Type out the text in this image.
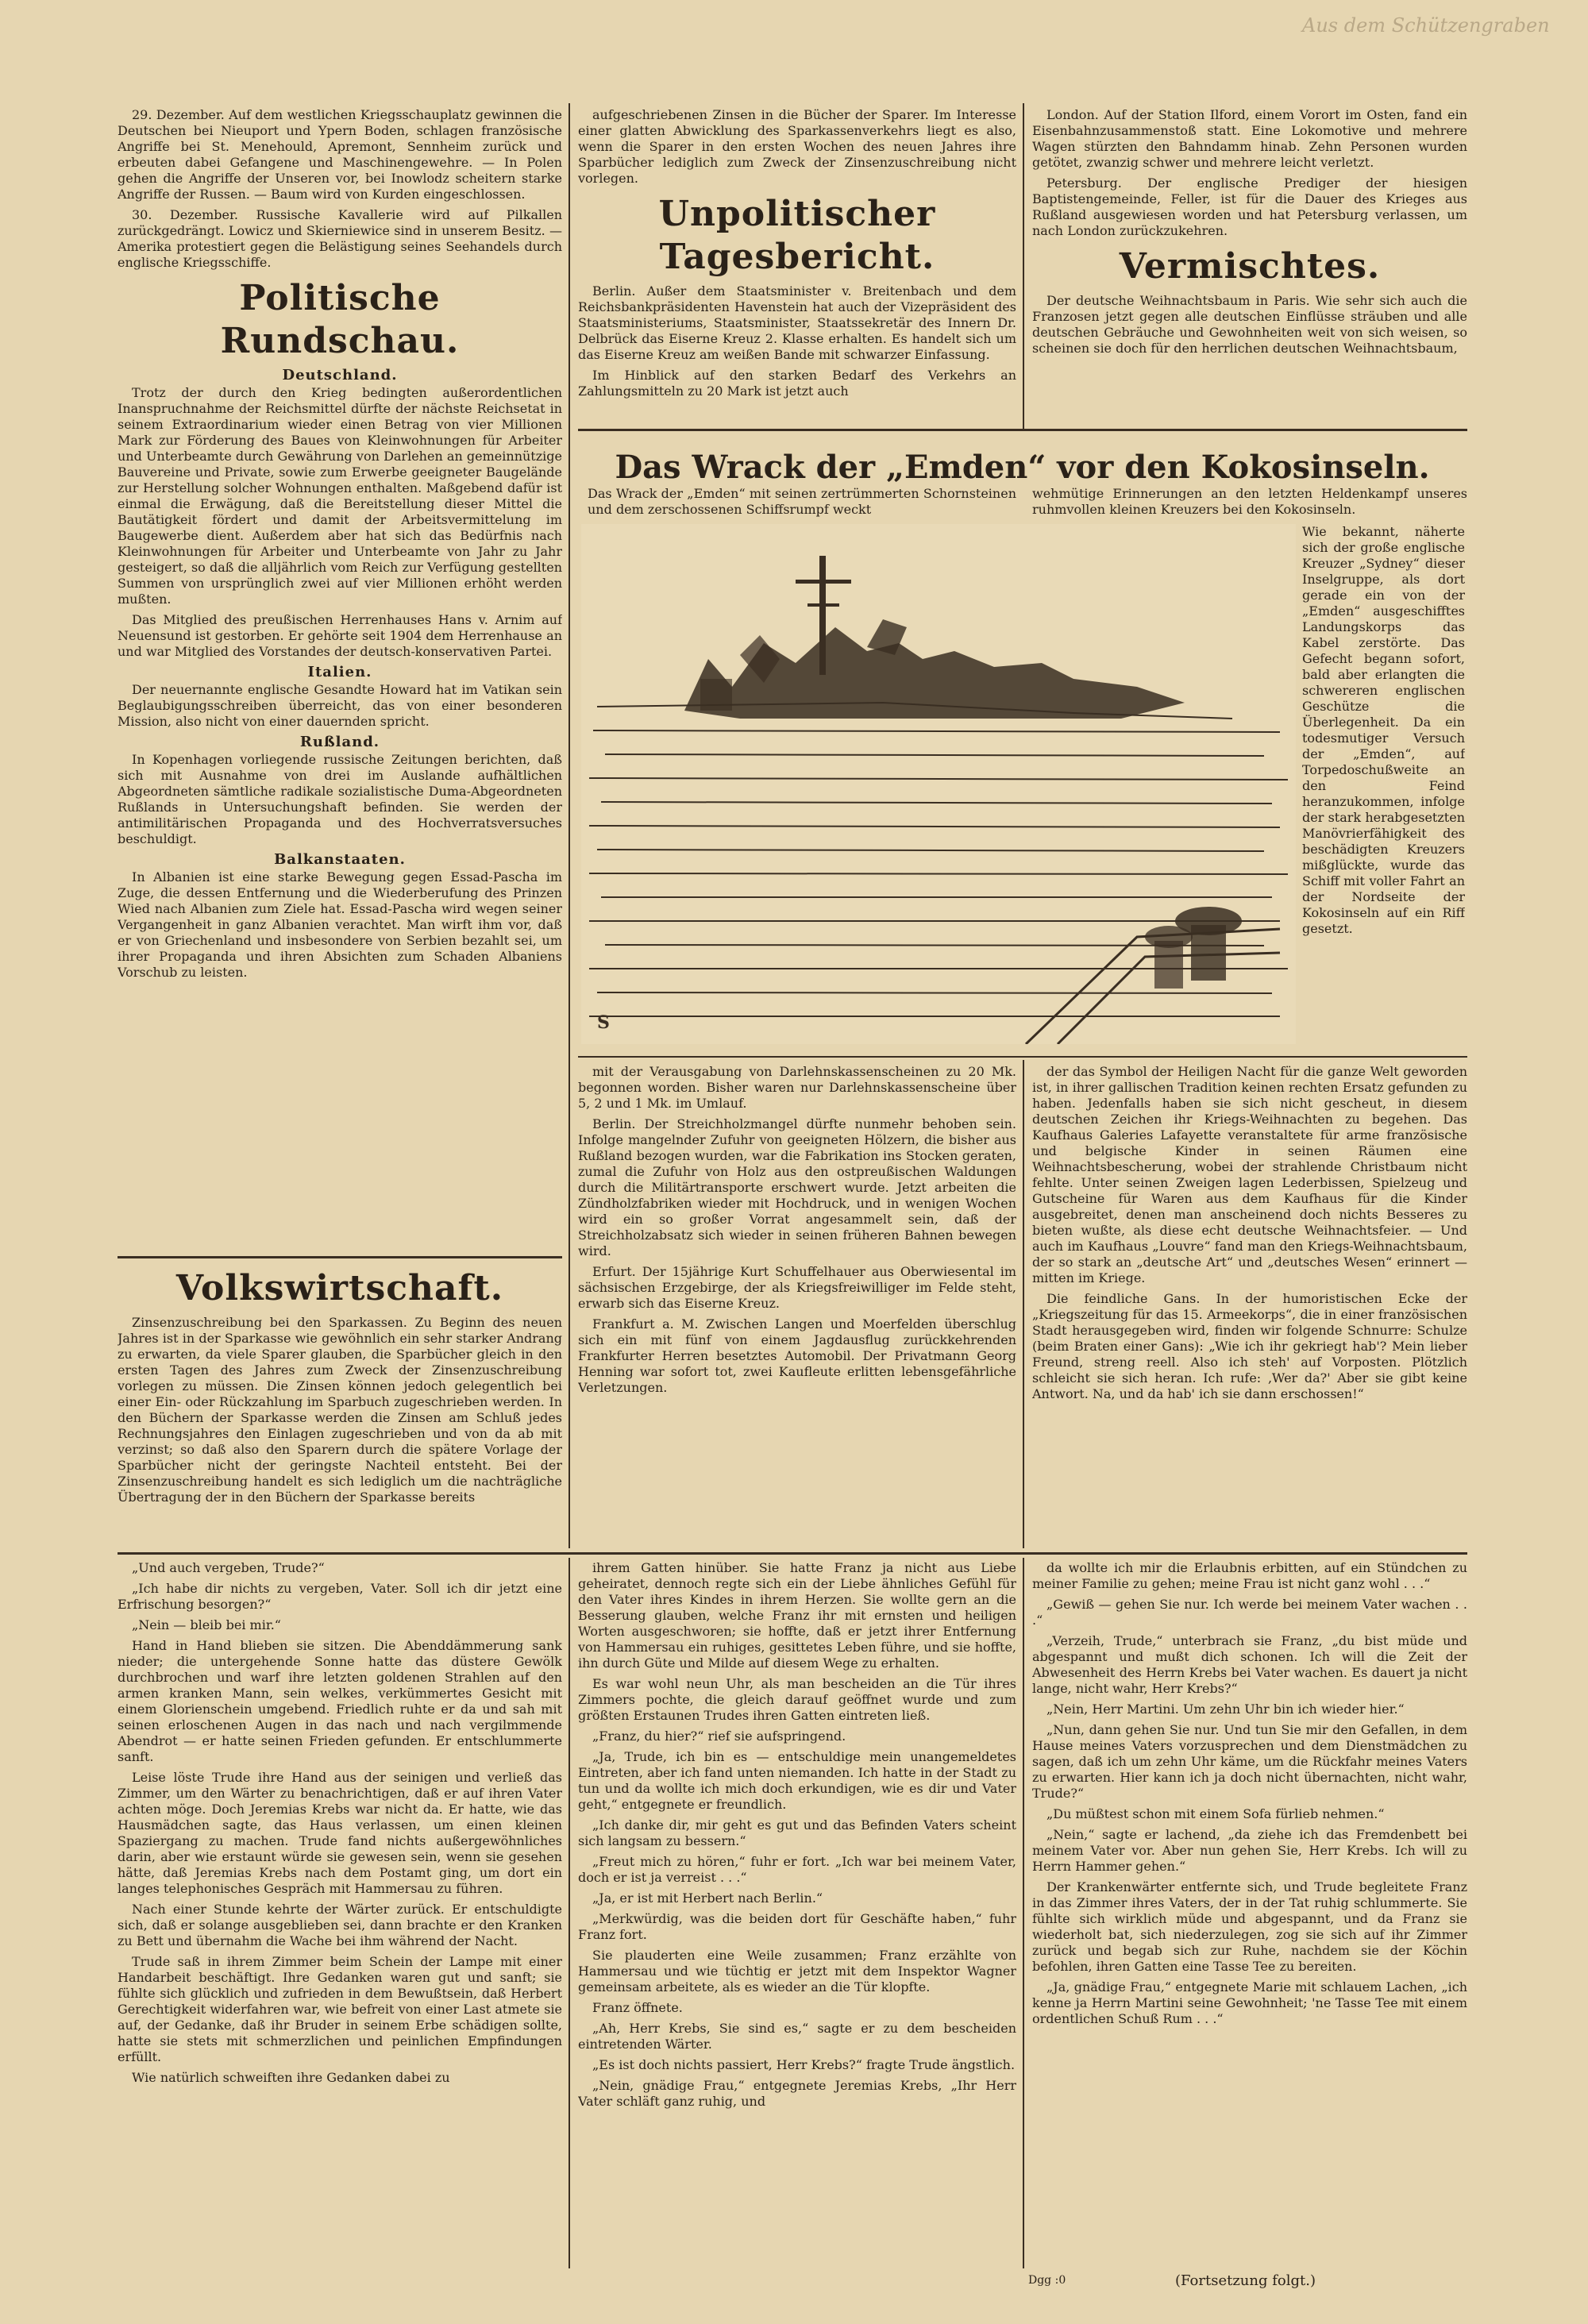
Aus dem Schützengraben

29. Dezember. Auf dem westlichen Kriegsschauplatz gewinnen die Deutschen bei Nieuport und Ypern Boden, schlagen französische Angriffe bei St. Menehould, Apremont, Sennheim zurück und erbeuten dabei Gefangene und Maschinengewehre. — In Polen gehen die Angriffe der Unseren vor, bei Inowlodz scheitern starke Angriffe der Russen. — Baum wird von Kurden eingeschlossen.

30. Dezember. Russische Kavallerie wird auf Pilkallen zurückgedrängt. Lowicz und Skierniewice sind in unserem Besitz. — Amerika protestiert gegen die Belästigung seines Seehandels durch englische Kriegsschiffe.

Politische Rundschau.
Deutschland.

Trotz der durch den Krieg bedingten außerordentlichen Inanspruchnahme der Reichsmittel dürfte der nächste Reichsetat in seinem Extraordinarium wieder einen Betrag von vier Millionen Mark zur Förderung des Baues von Kleinwohnungen für Arbeiter und Unterbeamte durch Gewährung von Darlehen an gemeinnützige Bauvereine und Private, sowie zum Erwerbe geeigneter Baugelände zur Herstellung solcher Wohnungen enthalten. Maßgebend dafür ist einmal die Erwägung, daß die Bereitstellung dieser Mittel die Bautätigkeit fördert und damit der Arbeitsvermittelung im Baugewerbe dient. Außerdem aber hat sich das Bedürfnis nach Kleinwohnungen für Arbeiter und Unterbeamte von Jahr zu Jahr gesteigert, so daß die alljährlich vom Reich zur Verfügung gestellten Summen von ursprünglich zwei auf vier Millionen erhöht werden mußten.

Das Mitglied des preußischen Herrenhauses Hans v. Arnim auf Neuensund ist gestorben. Er gehörte seit 1904 dem Herrenhause an und war Mitglied des Vorstandes der deutsch-konservativen Partei.

Italien.

Der neuernannte englische Gesandte Howard hat im Vatikan sein Beglaubigungsschreiben überreicht, das von einer besonderen Mission, also nicht von einer dauernden spricht.

Rußland.

In Kopenhagen vorliegende russische Zeitungen berichten, daß sich mit Ausnahme von drei im Auslande aufhältlichen Abgeordneten sämtliche radikale sozialistische Duma-Abgeordneten Rußlands in Untersuchungshaft befinden. Sie werden der antimilitärischen Propaganda und des Hochverratsversuches beschuldigt.

Balkanstaaten.

In Albanien ist eine starke Bewegung gegen Essad-Pascha im Zuge, die dessen Entfernung und die Wiederberufung des Prinzen Wied nach Albanien zum Ziele hat. Essad-Pascha wird wegen seiner Vergangenheit in ganz Albanien verachtet. Man wirft ihm vor, daß er von Griechenland und insbesondere von Serbien bezahlt sei, um ihrer Propaganda und ihren Absichten zum Schaden Albaniens Vorschub zu leisten.

Volkswirtschaft.

Zinsenzuschreibung bei den Sparkassen. Zu Beginn des neuen Jahres ist in der Sparkasse wie gewöhnlich ein sehr starker Andrang zu erwarten, da viele Sparer glauben, die Sparbücher gleich in den ersten Tagen des Jahres zum Zweck der Zinsenzuschreibung vorlegen zu müssen. Die Zinsen können jedoch gelegentlich bei einer Ein- oder Rückzahlung im Sparbuch zugeschrieben werden. In den Büchern der Sparkasse werden die Zinsen am Schluß jedes Rechnungsjahres den Einlagen zugeschrieben und von da ab mit verzinst; so daß also den Sparern durch die spätere Vorlage der Sparbücher nicht der geringste Nachteil entsteht. Bei der Zinsenzuschreibung handelt es sich lediglich um die nachträgliche Übertragung der in den Büchern der Sparkasse bereits

aufgeschriebenen Zinsen in die Bücher der Sparer. Im Interesse einer glatten Abwicklung des Sparkassenverkehrs liegt es also, wenn die Sparer in den ersten Wochen des neuen Jahres ihre Sparbücher lediglich zum Zweck der Zinsenzuschreibung nicht vorlegen.

Unpolitischer Tagesbericht.

Berlin. Außer dem Staatsminister v. Breitenbach und dem Reichsbankpräsidenten Havenstein hat auch der Vizepräsident des Staatsministeriums, Staatsminister, Staatssekretär des Innern Dr. Delbrück das Eiserne Kreuz 2. Klasse erhalten. Es handelt sich um das Eiserne Kreuz am weißen Bande mit schwarzer Einfassung.

Im Hinblick auf den starken Bedarf des Verkehrs an Zahlungsmitteln zu 20 Mark ist jetzt auch

London. Auf der Station Ilford, einem Vorort im Osten, fand ein Eisenbahnzusammenstoß statt. Eine Lokomotive und mehrere Wagen stürzten den Bahndamm hinab. Zehn Personen wurden getötet, zwanzig schwer und mehrere leicht verletzt.

Petersburg. Der englische Prediger der hiesigen Baptistengemeinde, Feller, ist für die Dauer des Krieges aus Rußland ausgewiesen worden und hat Petersburg verlassen, um nach London zurückzukehren.

Vermischtes.

Der deutsche Weihnachtsbaum in Paris. Wie sehr sich auch die Franzosen jetzt gegen alle deutschen Einflüsse sträuben und alle deutschen Gebräuche und Gewohnheiten weit von sich weisen, so scheinen sie doch für den herrlichen deutschen Weihnachtsbaum,

Das Wrack der „Emden“ vor den Kokosinseln.
Das Wrack der „Emden“ mit seinen zertrümmerten Schornsteinen und dem zerschossenen Schiffsrumpf weckt
wehmütige Erinnerungen an den letzten Heldenkampf unseres ruhmvollen kleinen Kreuzers bei den Kokosinseln.
Wie bekannt, näherte sich der große englische Kreuzer „Sydney“ dieser Inselgruppe, als dort gerade ein von der „Emden“ ausgeschifftes Landungskorps das Kabel zerstörte. Das Gefecht begann sofort, bald aber erlangten die schwereren englischen Geschütze die Überlegenheit. Da ein todesmutiger Versuch der „Emden“, auf Torpedoschußweite an den Feind heranzukommen, infolge der stark herabgesetzten Manövrierfähigkeit des beschädigten Kreuzers mißglückte, wurde das Schiff mit voller Fahrt an der Nordseite der Kokosinseln auf ein Riff gesetzt.
S

mit der Verausgabung von Darlehnskassenscheinen zu 20 Mk. begonnen worden. Bisher waren nur Darlehnskassenscheine über 5, 2 und 1 Mk. im Umlauf.

Berlin. Der Streichholzmangel dürfte nunmehr behoben sein. Infolge mangelnder Zufuhr von geeigneten Hölzern, die bisher aus Rußland bezogen wurden, war die Fabrikation ins Stocken geraten, zumal die Zufuhr von Holz aus den ostpreußischen Waldungen durch die Militärtransporte erschwert wurde. Jetzt arbeiten die Zündholzfabriken wieder mit Hochdruck, und in wenigen Wochen wird ein so großer Vorrat angesammelt sein, daß der Streichholzabsatz sich wieder in seinen früheren Bahnen bewegen wird.

Erfurt. Der 15jährige Kurt Schuffelhauer aus Oberwiesental im sächsischen Erzgebirge, der als Kriegsfreiwilliger im Felde steht, erwarb sich das Eiserne Kreuz.

Frankfurt a. M. Zwischen Langen und Moerfelden überschlug sich ein mit fünf von einem Jagdausflug zurückkehrenden Frankfurter Herren besetztes Automobil. Der Privatmann Georg Henning war sofort tot, zwei Kaufleute erlitten lebensgefährliche Verletzungen.

der das Symbol der Heiligen Nacht für die ganze Welt geworden ist, in ihrer gallischen Tradition keinen rechten Ersatz gefunden zu haben. Jedenfalls haben sie sich nicht gescheut, in diesem deutschen Zeichen ihr Kriegs-Weihnachten zu begehen. Das Kaufhaus Galeries Lafayette veranstaltete für arme französische und belgische Kinder in seinen Räumen eine Weihnachtsbescherung, wobei der strahlende Christbaum nicht fehlte. Unter seinen Zweigen lagen Lederbissen, Spielzeug und Gutscheine für Waren aus dem Kaufhaus für die Kinder ausgebreitet, denen man anscheinend doch nichts Besseres zu bieten wußte, als diese echt deutsche Weihnachtsfeier. — Und auch im Kaufhaus „Louvre“ fand man den Kriegs-Weihnachtsbaum, der so stark an „deutsche Art“ und „deutsches Wesen“ erinnert — mitten im Kriege.

Die feindliche Gans. In der humoristischen Ecke der „Kriegszeitung für das 15. Armeekorps“, die in einer französischen Stadt herausgegeben wird, finden wir folgende Schnurre: Schulze (beim Braten einer Gans): „Wie ich ihr gekriegt hab'? Mein lieber Freund, streng reell. Also ich steh' auf Vorposten. Plötzlich schleicht sie sich heran. Ich rufe: ‚Wer da?' Aber sie gibt keine Antwort. Na, und da hab' ich sie dann erschossen!“

„Und auch vergeben, Trude?“

„Ich habe dir nichts zu vergeben, Vater. Soll ich dir jetzt eine Erfrischung besorgen?“

„Nein — bleib bei mir.“

Hand in Hand blieben sie sitzen. Die Abenddämmerung sank nieder; die untergehende Sonne hatte das düstere Gewölk durchbrochen und warf ihre letzten goldenen Strahlen auf den armen kranken Mann, sein welkes, verkümmertes Gesicht mit einem Glorienschein umgebend. Friedlich ruhte er da und sah mit seinen erloschenen Augen in das nach und nach vergilmmende Abendrot — er hatte seinen Frieden gefunden. Er entschlummerte sanft.

Leise löste Trude ihre Hand aus der seinigen und verließ das Zimmer, um den Wärter zu benachrichtigen, daß er auf ihren Vater achten möge. Doch Jeremias Krebs war nicht da. Er hatte, wie das Hausmädchen sagte, das Haus verlassen, um einen kleinen Spaziergang zu machen. Trude fand nichts außergewöhnliches darin, aber wie erstaunt würde sie gewesen sein, wenn sie gesehen hätte, daß Jeremias Krebs nach dem Postamt ging, um dort ein langes telephonisches Gespräch mit Hammersau zu führen.

Nach einer Stunde kehrte der Wärter zurück. Er entschuldigte sich, daß er solange ausgeblieben sei, dann brachte er den Kranken zu Bett und übernahm die Wache bei ihm während der Nacht.

Trude saß in ihrem Zimmer beim Schein der Lampe mit einer Handarbeit beschäftigt. Ihre Gedanken waren gut und sanft; sie fühlte sich glücklich und zufrieden in dem Bewußtsein, daß Herbert Gerechtigkeit widerfahren war, wie befreit von einer Last atmete sie auf, der Gedanke, daß ihr Bruder in seinem Erbe schädigen sollte, hatte sie stets mit schmerzlichen und peinlichen Empfindungen erfüllt.

Wie natürlich schweiften ihre Gedanken dabei zu

ihrem Gatten hinüber. Sie hatte Franz ja nicht aus Liebe geheiratet, dennoch regte sich ein der Liebe ähnliches Gefühl für den Vater ihres Kindes in ihrem Herzen. Sie wollte gern an die Besserung glauben, welche Franz ihr mit ernsten und heiligen Worten ausgeschworen; sie hoffte, daß er jetzt ihrer Entfernung von Hammersau ein ruhiges, gesittetes Leben führe, und sie hoffte, ihn durch Güte und Milde auf diesem Wege zu erhalten.

Es war wohl neun Uhr, als man bescheiden an die Tür ihres Zimmers pochte, die gleich darauf geöffnet wurde und zum größten Erstaunen Trudes ihren Gatten eintreten ließ.

„Franz, du hier?“ rief sie aufspringend.

„Ja, Trude, ich bin es — entschuldige mein unangemeldetes Eintreten, aber ich fand unten niemanden. Ich hatte in der Stadt zu tun und da wollte ich mich doch erkundigen, wie es dir und Vater geht,“ entgegnete er freundlich.

„Ich danke dir, mir geht es gut und das Befinden Vaters scheint sich langsam zu bessern.“

„Freut mich zu hören,“ fuhr er fort. „Ich war bei meinem Vater, doch er ist ja verreist . . .“

„Ja, er ist mit Herbert nach Berlin.“

„Merkwürdig, was die beiden dort für Geschäfte haben,“ fuhr Franz fort.

Sie plauderten eine Weile zusammen; Franz erzählte von Hammersau und wie tüchtig er jetzt mit dem Inspektor Wagner gemeinsam arbeitete, als es wieder an die Tür klopfte.

Franz öffnete.

„Ah, Herr Krebs, Sie sind es,“ sagte er zu dem bescheiden eintretenden Wärter.

„Es ist doch nichts passiert, Herr Krebs?“ fragte Trude ängstlich.

„Nein, gnädige Frau,“ entgegnete Jeremias Krebs, „Ihr Herr Vater schläft ganz ruhig, und

da wollte ich mir die Erlaubnis erbitten, auf ein Stündchen zu meiner Familie zu gehen; meine Frau ist nicht ganz wohl . . .“

„Gewiß — gehen Sie nur. Ich werde bei meinem Vater wachen . . .“

„Verzeih, Trude,“ unterbrach sie Franz, „du bist müde und abgespannt und mußt dich schonen. Ich will die Zeit der Abwesenheit des Herrn Krebs bei Vater wachen. Es dauert ja nicht lange, nicht wahr, Herr Krebs?“

„Nein, Herr Martini. Um zehn Uhr bin ich wieder hier.“

„Nun, dann gehen Sie nur. Und tun Sie mir den Gefallen, in dem Hause meines Vaters vorzusprechen und dem Dienstmädchen zu sagen, daß ich um zehn Uhr käme, um die Rückfahr meines Vaters zu erwarten. Hier kann ich ja doch nicht übernachten, nicht wahr, Trude?“

„Du müßtest schon mit einem Sofa fürlieb nehmen.“

„Nein,“ sagte er lachend, „da ziehe ich das Fremdenbett bei meinem Vater vor. Aber nun gehen Sie, Herr Krebs. Ich will zu Herrn Hammer gehen.“

Der Krankenwärter entfernte sich, und Trude begleitete Franz in das Zimmer ihres Vaters, der in der Tat ruhig schlummerte. Sie fühlte sich wirklich müde und abgespannt, und da Franz sie wiederholt bat, sich niederzulegen, zog sie sich auf ihr Zimmer zurück und begab sich zur Ruhe, nachdem sie der Köchin befohlen, ihren Gatten eine Tasse Tee zu bereiten.

„Ja, gnädige Frau,“ entgegnete Marie mit schlauem Lachen, „ich kenne ja Herrn Martini seine Gewohnheit; 'ne Tasse Tee mit einem ordentlichen Schuß Rum . . .“

Dgg :0	(Fortsetzung folgt.)
